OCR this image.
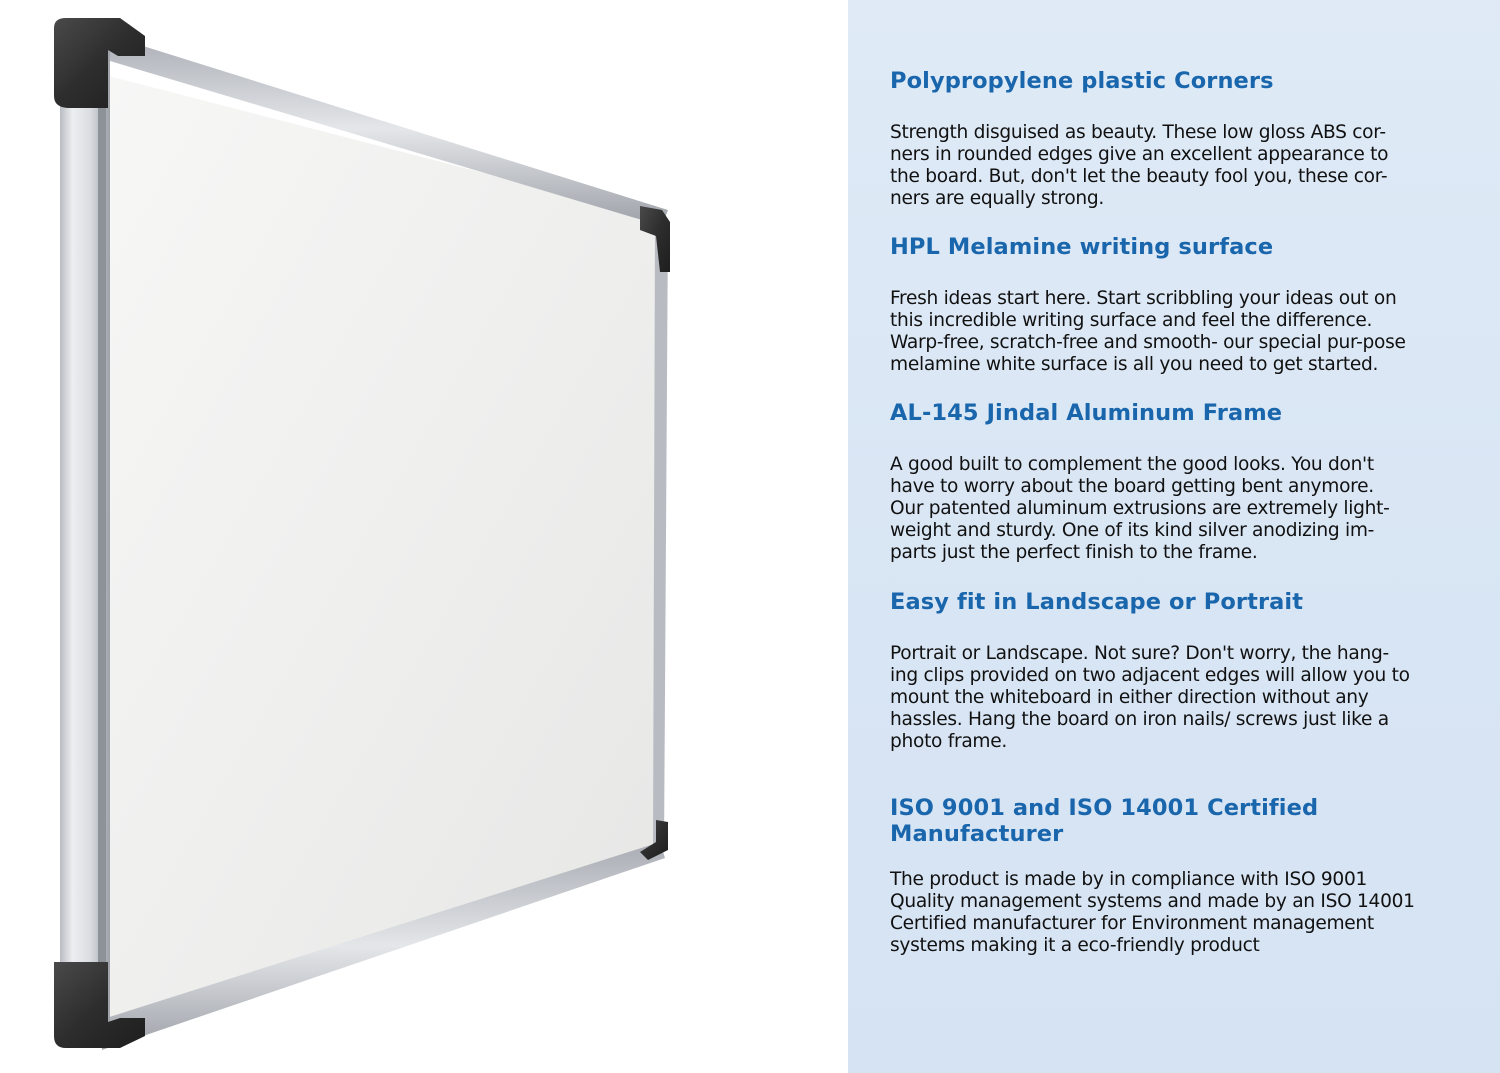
Polypropylene plastic Corners

Strength disguised as beauty. These low gloss ABS cor-
ners in rounded edges give an excellent appearance to
the board. But, don't let the beauty fool you, these cor-
ners are equally strong.

HPL Melamine writing surface

Fresh ideas start here. Start scribbling your ideas out on
this incredible writing surface and feel the difference.
Warp-free, scratch-free and smooth- our special pur-pose
melamine white surface is all you need to get started.

AL-145 Jindal Aluminum Frame

A good built to complement the good looks. You don't
have to worry about the board getting bent anymore.
Our patented aluminum extrusions are extremely light-
weight and sturdy. One of its kind silver anodizing im-
parts just the perfect finish to the frame.

Easy fit in Landscape or Portrait

Portrait or Landscape. Not sure? Don't worry, the hang-
ing clips provided on two adjacent edges will allow you to
mount the whiteboard in either direction without any
hassles. Hang the board on iron nails/ screws just like a
photo frame.

ISO 9001 and ISO 14001 Certified
Manufacturer

The product is made by in compliance with ISO 9001
Quality management systems and made by an ISO 14001
Certified manufacturer for Environment management
systems making it a eco-friendly product
